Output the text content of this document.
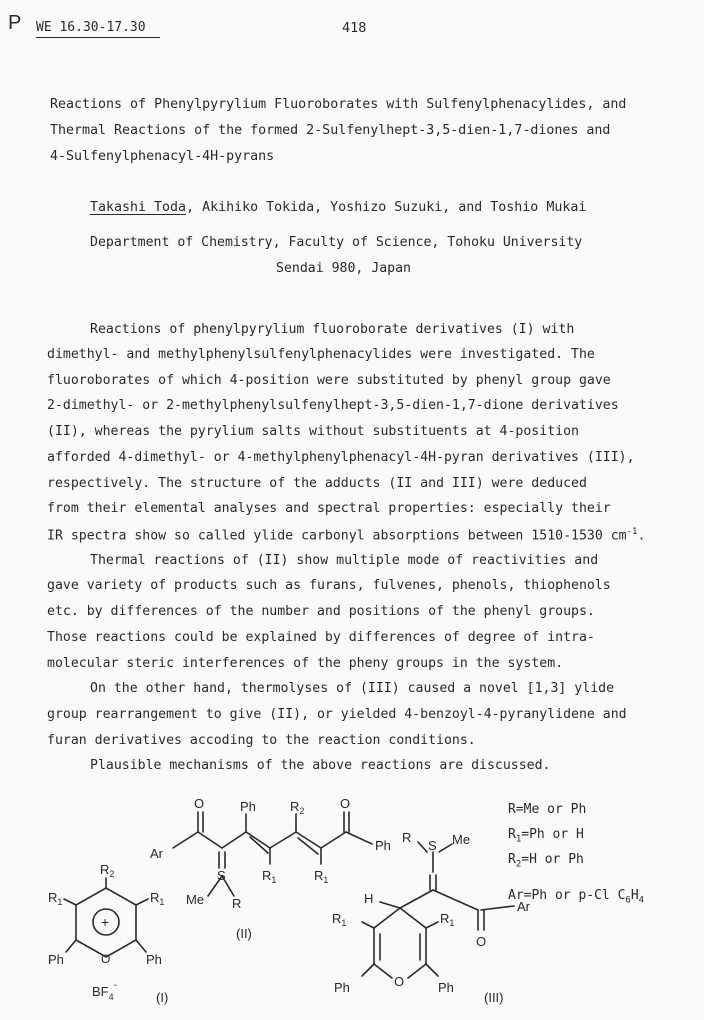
P WE 16.30-17.30	418
Reactions of Phenylpyrylium Fluoroborates with Sulfenylphenacylides, and
Thermal Reactions of the formed 2-Sulfenylhept-3,5-dien-1,7-diones and
4-Sulfenylphenacyl-4H-pyrans
Takashi Toda, Akihiko Tokida, Yoshizo Suzuki, and Toshio Mukai
Department of Chemistry, Faculty of Science, Tohoku University
Sendai 980, Japan
Reactions of phenylpyrylium fluoroborate derivatives (I) with
dimethyl- and methylphenylsulfenylphenacylides were investigated. The
fluoroborates of which 4-position were substituted by phenyl group gave
2-dimethyl- or 2-methylphenylsulfenylhept-3,5-dien-1,7-dione derivatives
(II), whereas the pyrylium salts without substituents at 4-position
afforded 4-dimethyl- or 4-methylphenylphenacyl-4H-pyran derivatives (III),
respectively. The structure of the adducts (II and III) were deduced
from their elemental analyses and spectral properties: especially their
IR spectra show so called ylide carbonyl absorptions between 1510-1530 $cm^{-1}$.
Thermal reactions of (II) show multiple mode of reactivities and
gave variety of products such as furans, fulvenes, phenols, thiophenols
etc. by differences of the number and positions of the phenyl groups.
Those reactions could be explained by differences of degree of intra-
molecular steric interferences of the pheny groups in the system.
On the other hand, thermolyses of (III) caused a novel [1,3] ylide
group rearrangement to give (II), or yielded 4-benzoyl-4-pyranylidene and
furan derivatives accoding to the reaction conditions.
Plausible mechanisms of the above reactions are discussed.
O	Ph	$R_2$	O
Ar
Ph
S
Me R
$R_1$	$R_1$
(II)
$R_2$
$R_1$	$R_1$
+
O
Ph	Ph
$BF_4^-$
(I)
R
S Me
H
$R_1$	$R_1$
O
Ar
Ph	O	Ph
(III)
R=Me or Ph
$R_1=Ph$ or H
$R_2=H$ or Ph
Ar=Ph or p-Cl $C_6H_4$
